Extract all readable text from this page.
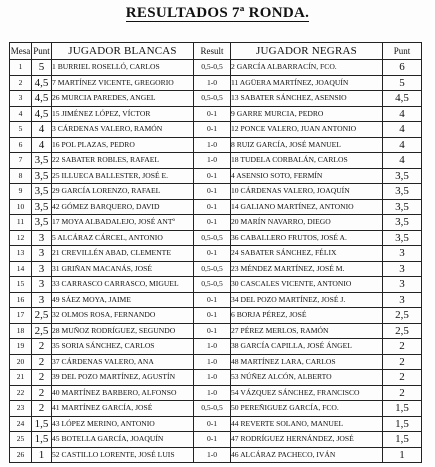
RESULTADOS 7ª RONDA.
Mesa	Punt	JUGADOR BLANCAS	Result	JUGADOR NEGRAS	Punt
1	5	1 BURRIEL ROSELLÓ, CARLOS	0,5-0,5	2 GARCÍA ALBARRACÍN, FCO.	6
2	4,5	7 MARTÍNEZ VICENTE, GREGORIO	1-0	11 AGÜERA MARTÍNEZ, JOAQUÍN	5
3	4,5	26 MURCIA PAREDES, ANGEL	0,5-0,5	13 SABATER SÁNCHEZ, ASENSIO	4,5
4	4,5	15 JIMÉNEZ LÓPEZ, VÍCTOR	0-1	9 GARRE MURCIA, PEDRO	4
5	4	3 CÁRDENAS VALERO, RAMÓN	0-1	12 PONCE VALERO, JUAN ANTONIO	4
6	4	16 POL PLAZAS, PEDRO	1-0	8 RUIZ GARCÍA, JOSÉ MANUEL	4
7	3,5	22 SABATER ROBLES, RAFAEL	1-0	18 TUDELA CORBALÁN, CARLOS	4
8	3,5	25 ILLUECA BALLESTER, JOSÉ E.	0-1	4 ASENSIO SOTO, FERMÍN	3,5
9	3,5	29 GARCÍA LORENZO, RAFAEL	0-1	10 CÁRDENAS VALERO, JOAQUÍN	3,5
10	3,5	42 GÓMEZ BARQUERO, DAVID	0-1	14 GALIANO MARTÍNEZ, ANTONIO	3,5
11	3,5	17 MOYA ALBADALEJO, JOSÉ ANTº	0-1	20 MARÍN NAVARRO, DIEGO	3,5
12	3	5 ALCÁRAZ CÁRCEL, ANTONIO	0,5-0,5	36 CABALLERO FRUTOS, JOSÉ A.	3,5
13	3	21 CREVILLÉN ABAD, CLEMENTE	0-1	24 SABATER SÁNCHEZ, FÉLIX	3
14	3	31 GRIÑAN MACANÁS, JOSÉ	0,5-0,5	23 MÉNDEZ MARTÍNEZ, JOSÉ M.	3
15	3	33 CARRASCO CARRASCO, MIGUEL	0,5-0,5	30 CASCALES VICENTE, ANTONIO	3
16	3	49 SÁEZ MOYA, JAIME	0-1	34 DEL POZO MARTÍNEZ, JOSÉ J.	3
17	2,5	32 OLMOS ROSA, FERNANDO	0-1	6 BORJA PÉREZ, JOSÉ	2,5
18	2,5	28 MUÑOZ RODRÍGUEZ, SEGUNDO	0-1	27 PÉREZ MERLOS, RAMÓN	2,5
19	2	35 SORIA SÁNCHEZ, CARLOS	1-0	38 GARCÍA CAPILLA, JOSÉ ÁNGEL	2
20	2	37 CÁRDENAS VALERO, ANA	1-0	48 MARTÍNEZ LARA, CARLOS	2
21	2	39 DEL POZO MARTÍNEZ, AGUSTÍN	1-0	53 NÚÑEZ ALCÓN, ALBERTO	2
22	2	40 MARTÍNEZ BARBERO, ALFONSO	1-0	54 VÁZQUEZ SÁNCHEZ, FRANCISCO	2
23	2	41 MARTÍNEZ GARCÍA, JOSÉ	0,5-0,5	50 PEREÑIGUEZ GARCÍA, FCO.	1,5
24	1,5	43 LÓPEZ MERINO, ANTONIO	0-1	44 REVERTE SOLANO, MANUEL	1,5
25	1,5	45 BOTELLA GARCÍA, JOAQUÍN	0-1	47 RODRÍGUEZ HERNÁNDEZ, JOSÉ	1,5
26	1	52 CASTILLO LORENTE, JOSÉ LUIS	1-0	46 ALCÁRAZ PACHECO, IVÁN	1
